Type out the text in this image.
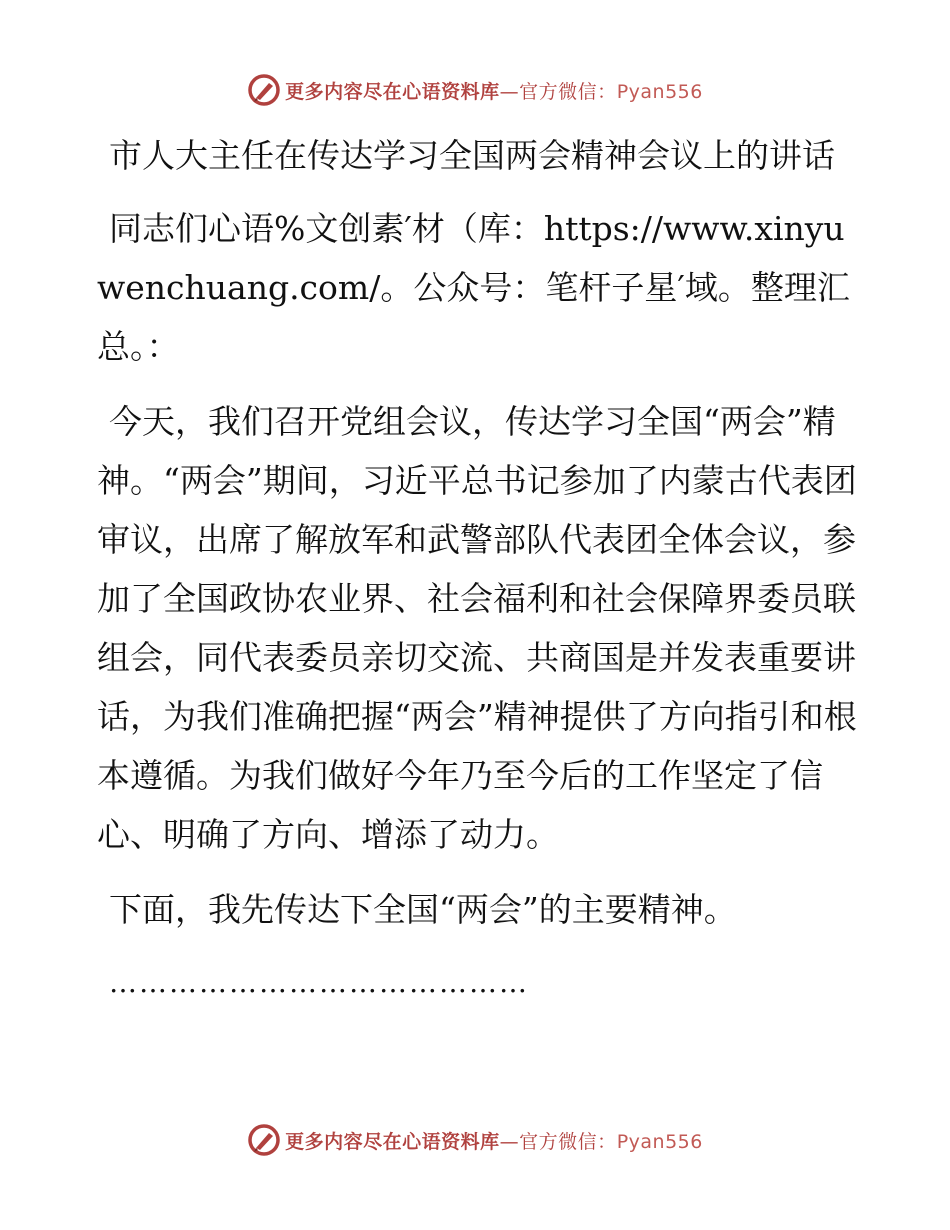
更多内容尽在心语资料库—官方微信：Pyan556

市人大主任在传达学习全国两会精神会议上的讲话

同志们心语%文创素′材（库：https://www.xinyuwenchuang.com/。公众号：笔杆子星′域。整理汇总。：

今天，我们召开党组会议，传达学习全国“两会”精神。“两会”期间，习近平总书记参加了内蒙古代表团审议，出席了解放军和武警部队代表团全体会议，参加了全国政协农业界、社会福利和社会保障界委员联组会，同代表委员亲切交流、共商国是并发表重要讲话，为我们准确把握“两会”精神提供了方向指引和根本遵循。为我们做好今年乃至今后的工作坚定了信心、明确了方向、增添了动力。

下面，我先传达下全国“两会”的主要精神。

……………………………………
更多内容尽在心语资料库—官方微信：Pyan556
